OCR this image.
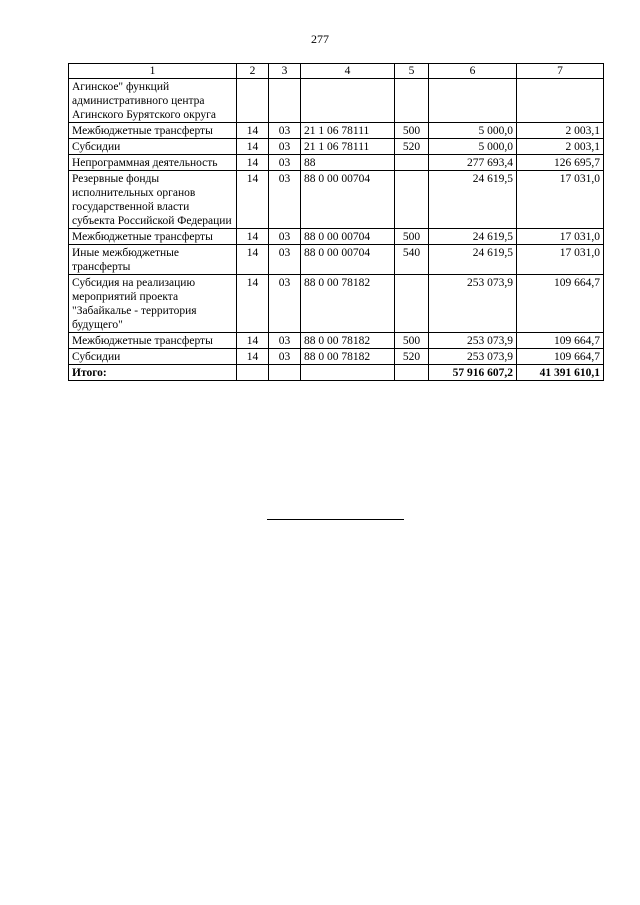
277
1	2	3	4	5	6	7
Агинское" функций административного центра Агинского Бурятского округа						
Межбюджетные трансферты	14	03	21 1 06 78111	500	5 000,0	2 003,1
Субсидии	14	03	21 1 06 78111	520	5 000,0	2 003,1
Непрограммная деятельность	14	03	88		277 693,4	126 695,7
Резервные фонды исполнительных органов государственной власти субъекта Российской Федерации	14	03	88 0 00 00704		24 619,5	17 031,0
Межбюджетные трансферты	14	03	88 0 00 00704	500	24 619,5	17 031,0
Иные межбюджетные трансферты	14	03	88 0 00 00704	540	24 619,5	17 031,0
Субсидия на реализацию мероприятий проекта "Забайкалье - территория будущего"	14	03	88 0 00 78182		253 073,9	109 664,7
Межбюджетные трансферты	14	03	88 0 00 78182	500	253 073,9	109 664,7
Субсидии	14	03	88 0 00 78182	520	253 073,9	109 664,7
Итого:					57 916 607,2	41 391 610,1
